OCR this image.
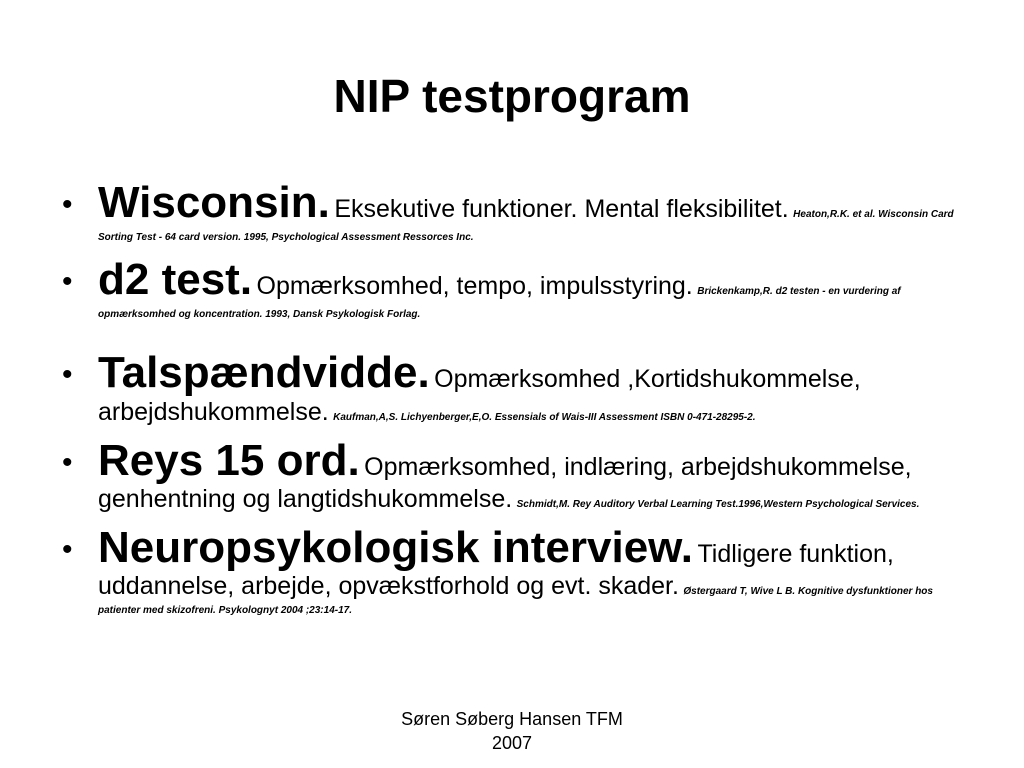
NIP testprogram
• Wisconsin. Eksekutive funktioner. Mental fleksibilitet. Heaton,R.K. et al. Wisconsin Card Sorting Test - 64 card version. 1995, Psychological Assessment Ressorces Inc.
• d2 test. Opmærksomhed, tempo, impulsstyring. Brickenkamp,R. d2 testen - en vurdering af opmærksomhed og koncentration. 1993, Dansk Psykologisk Forlag.
• Talspændvidde. Opmærksomhed ,Kortidshukommelse, arbejdshukommelse. Kaufman,A,S. Lichyenberger,E,O. Essensials of Wais-III Assessment ISBN 0-471-28295-2.
• Reys 15 ord. Opmærksomhed, indlæring, arbejdshukommelse, genhentning og langtidshukommelse. Schmidt,M. Rey Auditory Verbal Learning Test.1996,Western Psychological Services.
• Neuropsykologisk interview. Tidligere funktion, uddannelse, arbejde, opvækstforhold og evt. skader. Østergaard T, Wive L B. Kognitive dysfunktioner hos patienter med skizofreni. Psykolognyt 2004 ;23:14-17.
Søren Søberg Hansen TFM
2007
